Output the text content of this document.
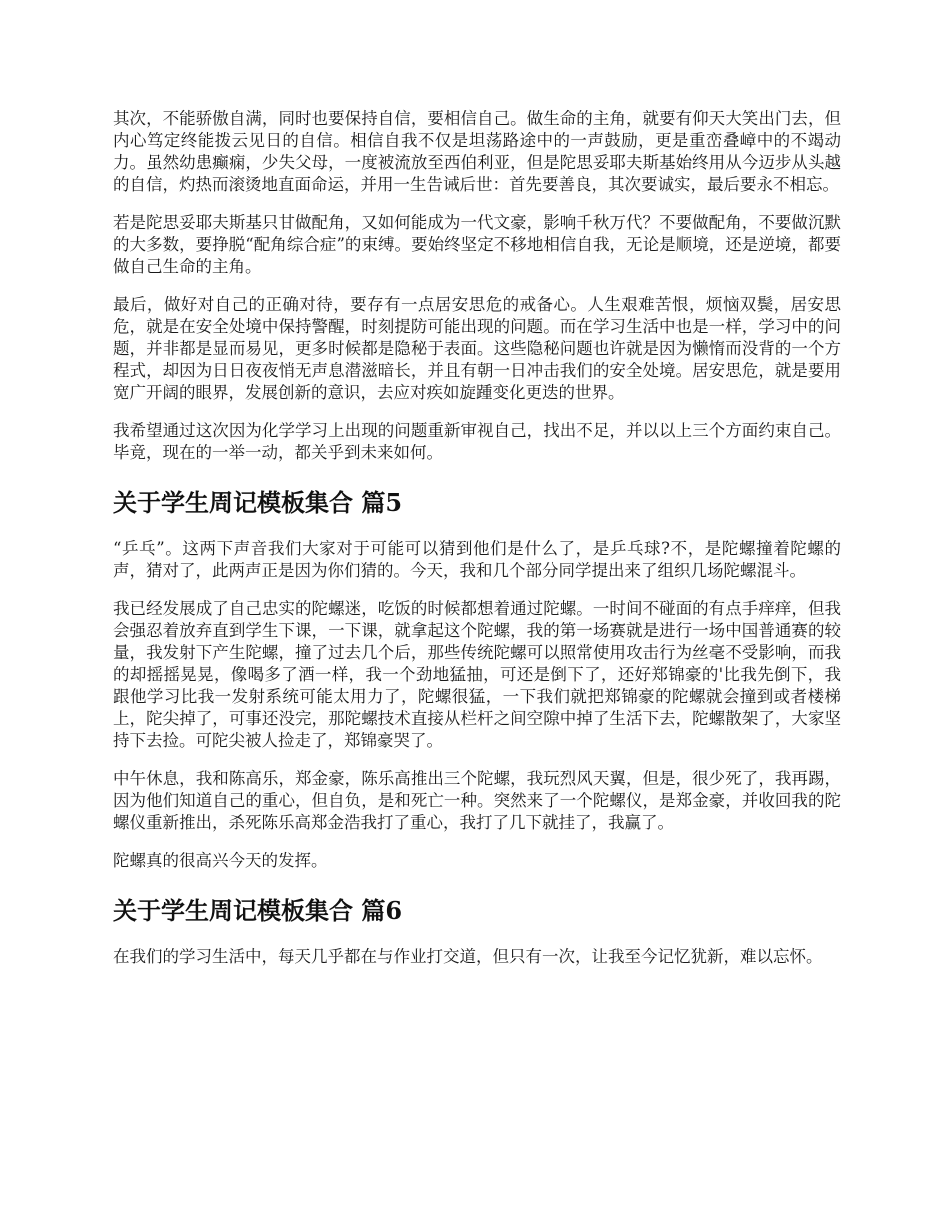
其次，不能骄傲自满，同时也要保持自信，要相信自己。做生命的主角，就要有仰天大笑出门去，但内心笃定终能拨云见日的自信。相信自我不仅是坦荡路途中的一声鼓励，更是重峦叠嶂中的不竭动力。虽然幼患癫痫，少失父母，一度被流放至西伯利亚，但是陀思妥耶夫斯基始终用从今迈步从头越的自信，灼热而滚烫地直面命运，并用一生告诫后世：首先要善良，其次要诚实，最后要永不相忘。

若是陀思妥耶夫斯基只甘做配角，又如何能成为一代文豪，影响千秋万代？不要做配角，不要做沉默的大多数，要挣脱“配角综合症”的束缚。要始终坚定不移地相信自我，无论是顺境，还是逆境，都要做自己生命的主角。

最后，做好对自己的正确对待，要存有一点居安思危的戒备心。人生艰难苦恨，烦恼双鬓，居安思危，就是在安全处境中保持警醒，时刻提防可能出现的问题。而在学习生活中也是一样，学习中的问题，并非都是显而易见，更多时候都是隐秘于表面。这些隐秘问题也许就是因为懒惰而没背的一个方程式，却因为日日夜夜悄无声息潜滋暗长，并且有朝一日冲击我们的安全处境。居安思危，就是要用宽广开阔的眼界，发展创新的意识，去应对疾如旋踵变化更迭的世界。

我希望通过这次因为化学学习上出现的问题重新审视自己，找出不足，并以以上三个方面约束自己。毕竟，现在的一举一动，都关乎到未来如何。

关于学生周记模板集合 篇5

“乒乓”。这两下声音我们大家对于可能可以猜到他们是什么了，是乒乓球?不，是陀螺撞着陀螺的声，猜对了，此两声正是因为你们猜的。今天，我和几个部分同学提出来了组织几场陀螺混斗。

我已经发展成了自己忠实的陀螺迷，吃饭的时候都想着通过陀螺。一时间不碰面的有点手痒痒，但我会强忍着放弃直到学生下课，一下课，就拿起这个陀螺，我的第一场赛就是进行一场中国普通赛的较量，我发射下产生陀螺，撞了过去几个后，那些传统陀螺可以照常使用攻击行为丝毫不受影响，而我的却摇摇晃晃，像喝多了酒一样，我一个劲地猛抽，可还是倒下了，还好郑锦豪的'比我先倒下，我跟他学习比我一发射系统可能太用力了，陀螺很猛，一下我们就把郑锦豪的陀螺就会撞到或者楼梯上，陀尖掉了，可事还没完，那陀螺技术直接从栏杆之间空隙中掉了生活下去，陀螺散架了，大家坚持下去捡。可陀尖被人捡走了，郑锦豪哭了。

中午休息，我和陈高乐，郑金豪，陈乐高推出三个陀螺，我玩烈风天翼，但是，很少死了，我再踢，因为他们知道自己的重心，但自负，是和死亡一种。突然来了一个陀螺仪，是郑金豪，并收回我的陀螺仪重新推出，杀死陈乐高郑金浩我打了重心，我打了几下就挂了，我赢了。

陀螺真的很高兴今天的发挥。

关于学生周记模板集合 篇6

在我们的学习生活中，每天几乎都在与作业打交道，但只有一次，让我至今记忆犹新，难以忘怀。
